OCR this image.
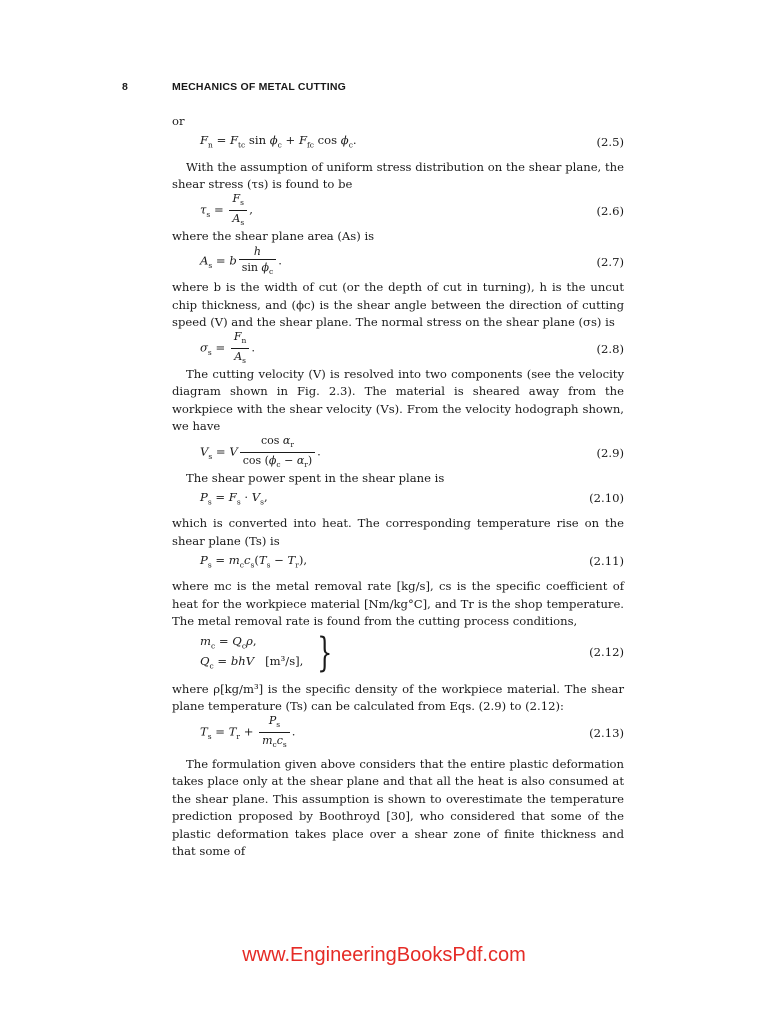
8	MECHANICS OF METAL CUTTING

or

$F_n = F_{tc}$ $\sin \phi_c + F_{fc}$ $\cos \phi_c$.	(2.5)

With the assumption of uniform stress distribution on the shear plane, the shear stress (τs) is found to be

$\tau_s = \frac{F_s}{A_s}$ ,	(2.6)

where the shear plane area (As) is

$A_s = b \frac{h}{\sin \phi_c}$ .	(2.7)

where b is the width of cut (or the depth of cut in turning), h is the uncut chip thickness, and (ϕc) is the shear angle between the direction of cutting speed (V) and the shear plane. The normal stress on the shear plane (σs) is

$\sigma_s = \frac{F_n}{A_s}$ .	(2.8)

The cutting velocity (V) is resolved into two components (see the velocity diagram shown in Fig. 2.3). The material is sheared away from the workpiece with the shear velocity (Vs). From the velocity hodograph shown, we have

$V_s = V \frac{\cos \alpha_r}{\cos (\phi_c - \alpha_r)}$ .	(2.9)

The shear power spent in the shear plane is

$P_s = F_s \cdot V_s$,	(2.10)

which is converted into heat. The corresponding temperature rise on the shear plane (Ts) is

$P_s = m_cc_s(T_s - T_r)$,	(2.11)

where mc is the metal removal rate [kg/s], cs is the specific coefficient of heat for the workpiece material [Nm/kg°C], and Tr is the shop temperature. The metal removal rate is found from the cutting process conditions,

$m_c = Q_c\rho$,
$Q_c$ = bhV [m³/s], }	(2.12)

where ρ[kg/m³] is the specific density of the workpiece material. The shear plane temperature (Ts) can be calculated from Eqs. (2.9) to (2.12):

$T_s = T_r + \frac{P_s}{m_cc_s}$ .	(2.13)

The formulation given above considers that the entire plastic deformation takes place only at the shear plane and that all the heat is also consumed at the shear plane. This assumption is shown to overestimate the temperature prediction proposed by Boothroyd [30], who considered that some of the plastic deformation takes place over a shear zone of finite thickness and that some of

www.EngineeringBooksPdf.com
